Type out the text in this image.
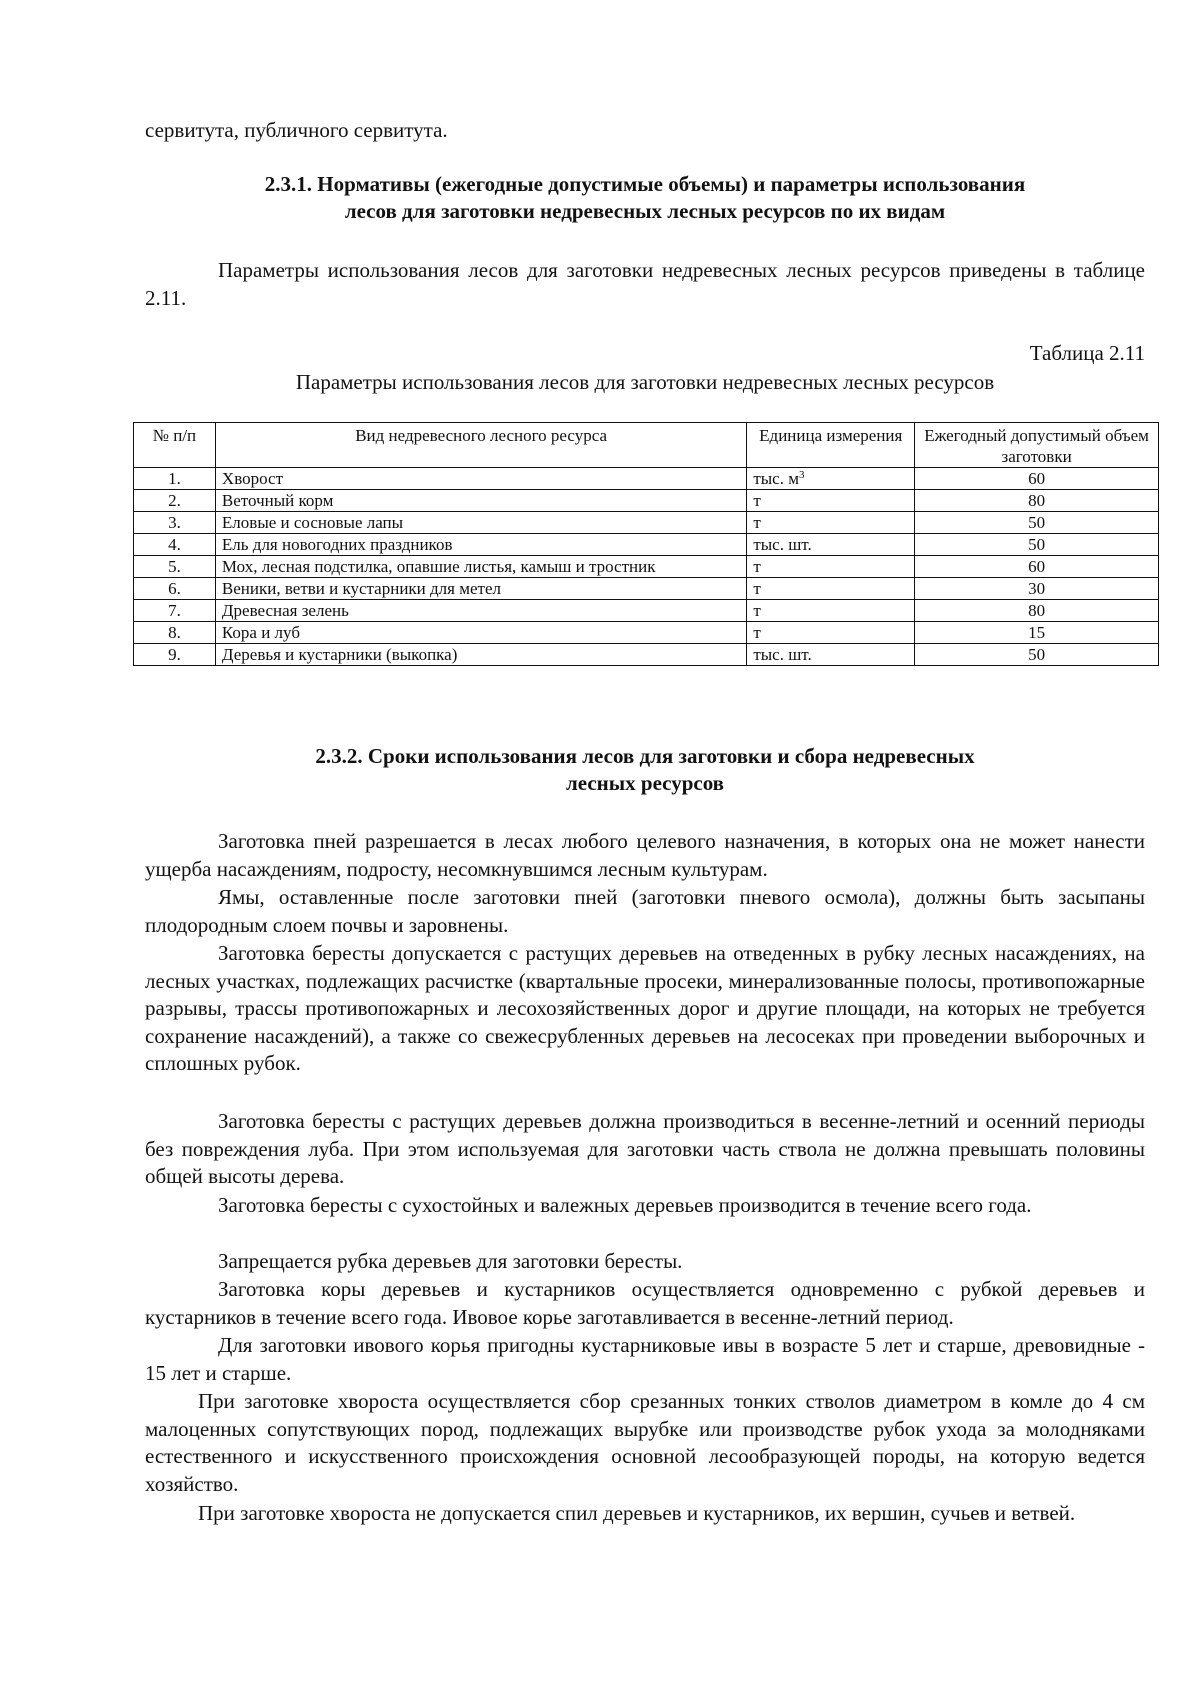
сервитута, публичного сервитута.
2.3.1. Нормативы (ежегодные допустимые объемы) и параметры использования
лесов для заготовки недревесных лесных ресурсов по их видам
Параметры использования лесов для заготовки недревесных лесных ресурсов приведены в таблице 2.11.
Таблица 2.11
Параметры использования лесов для заготовки недревесных лесных ресурсов
№ п/п	Вид недревесного лесного ресурса	Единица измерения	Ежегодный допустимый объем заготовки
1.	Хворост	тыс. $м^3$	60
2.	Веточный корм	т	80
3.	Еловые и сосновые лапы	т	50
4.	Ель для новогодних праздников	тыс. шт.	50
5.	Мох, лесная подстилка, опавшие листья, камыш и тростник	т	60
6.	Веники, ветви и кустарники для метел	т	30
7.	Древесная зелень	т	80
8.	Кора и луб	т	15
9.	Деревья и кустарники (выкопка)	тыс. шт.	50
2.3.2. Сроки использования лесов для заготовки и сбора недревесных
лесных ресурсов
Заготовка пней разрешается в лесах любого целевого назначения, в которых она не может нанести ущерба насаждениям, подросту, несомкнувшимся лесным культурам.
Ямы, оставленные после заготовки пней (заготовки пневого осмола), должны быть засыпаны плодородным слоем почвы и заровнены.
Заготовка бересты допускается с растущих деревьев на отведенных в рубку лесных насаждениях, на лесных участках, подлежащих расчистке (квартальные просеки, минерализованные полосы, противопожарные разрывы, трассы противопожарных и лесохозяйственных дорог и другие площади, на которых не требуется сохранение насаждений), а также со свежесрубленных деревьев на лесосеках при проведении выборочных и сплошных рубок.
Заготовка бересты с растущих деревьев должна производиться в весенне-летний и осенний периоды без повреждения луба. При этом используемая для заготовки часть ствола не должна превышать половины общей высоты дерева.
Заготовка бересты с сухостойных и валежных деревьев производится в течение всего года.
Запрещается рубка деревьев для заготовки бересты.
Заготовка коры деревьев и кустарников осуществляется одновременно с рубкой деревьев и кустарников в течение всего года. Ивовое корье заготавливается в весенне-летний период.
Для заготовки ивового корья пригодны кустарниковые ивы в возрасте 5 лет и старше, древовидные - 15 лет и старше.
При заготовке хвороста осуществляется сбор срезанных тонких стволов диаметром в комле до 4 см малоценных сопутствующих пород, подлежащих вырубке или производстве рубок ухода за молодняками естественного и искусственного происхождения основной лесообразующей породы, на которую ведется хозяйство.
При заготовке хвороста не допускается спил деревьев и кустарников, их вершин, сучьев и ветвей.
